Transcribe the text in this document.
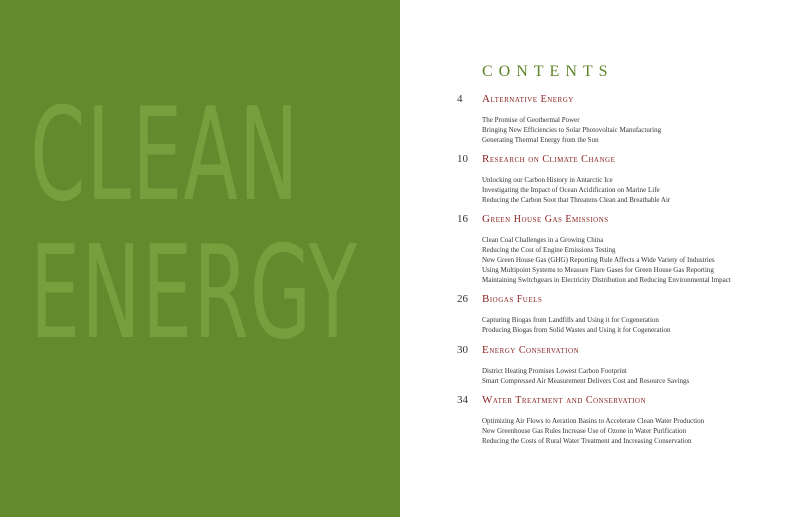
CLEAN
ENERGY
CONTENTS
4 Alternative Energy
The Promise of Geothermal Power
Bringing New Efficiencies to Solar Photovoltaic Manufacturing
Generating Thermal Energy from the Sun
10 Research on Climate Change
Unlocking our Carbon History in Antarctic Ice
Investigating the Impact of Ocean Acidification on Marine Life
Reducing the Carbon Soot that Threatens Clean and Breathable Air
16 Green House Gas Emissions
Clean Coal Challenges in a Growing China
Reducing the Cost of Engine Emissions Testing
New Green House Gas (GHG) Reporting Rule Affects a Wide Variety of Industries
Using Multipoint Systems to Measure Flare Gases for Green House Gas Reporting
Maintaining Switchgears in Electricity Distribution and Reducing Environmental Impact
26 Biogas Fuels
Capturing Biogas from Landfills and Using it for Cogeneration
Producing Biogas from Solid Wastes and Using it for Cogeneration
30 Energy Conservation
District Heating Promises Lowest Carbon Footprint
Smart Compressed Air Measurement Delivers Cost and Resource Savings
34 Water Treatment and Conservation
Optimizing Air Flows to Aeration Basins to Accelerate Clean Water Production
New Greenhouse Gas Rules Increase Use of Ozone in Water Purification
Reducing the Costs of Rural Water Treatment and Increasing Conservation
